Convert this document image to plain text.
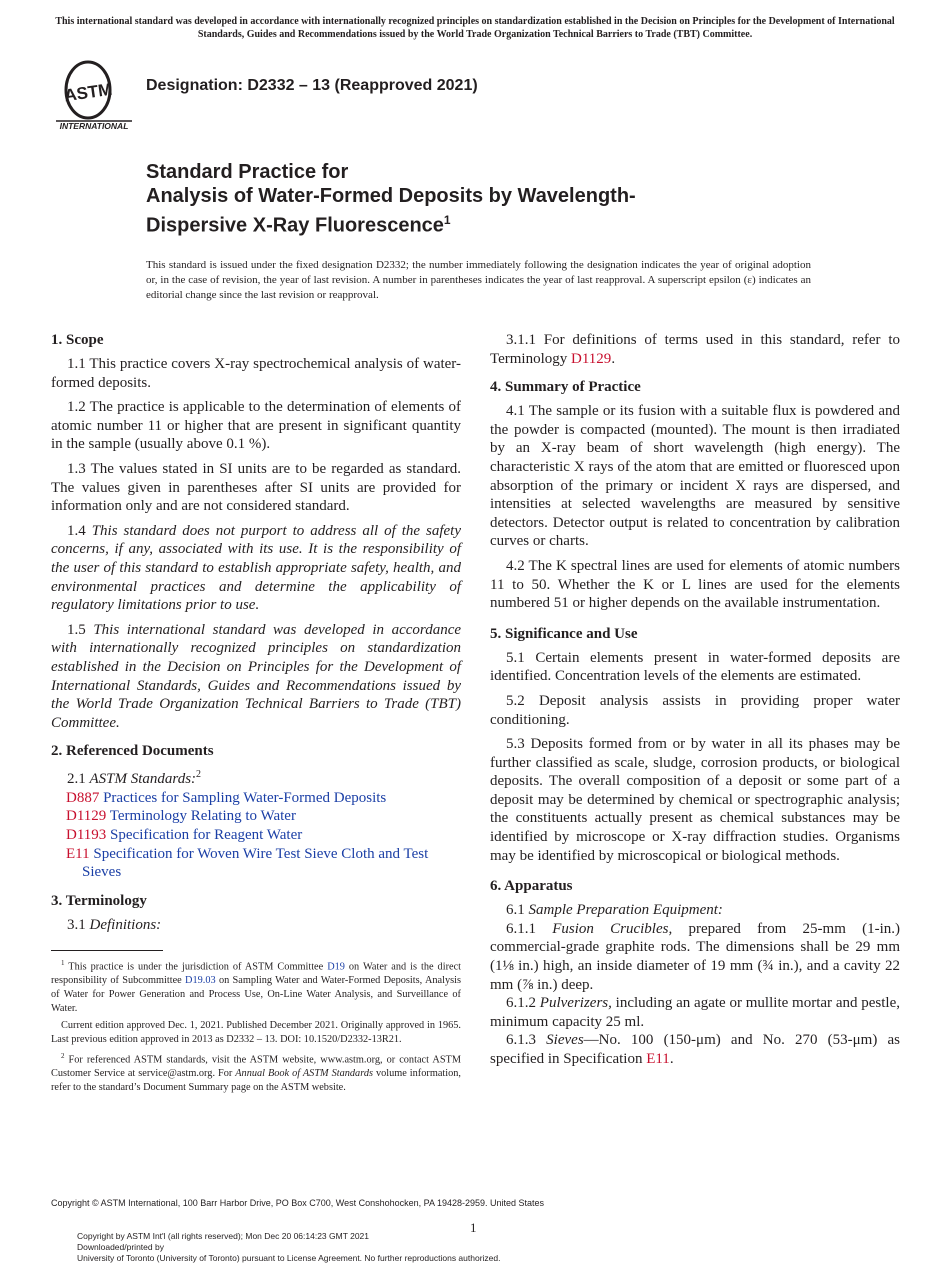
This international standard was developed in accordance with internationally recognized principles on standardization established in the Decision on Principles for the Development of International Standards, Guides and Recommendations issued by the World Trade Organization Technical Barriers to Trade (TBT) Committee.
ASTM
INTERNATIONAL
Designation: D2332 – 13 (Reapproved 2021)
Standard Practice for
Analysis of Water-Formed Deposits by Wavelength-
Dispersive X-Ray Fluorescence$^1$
This standard is issued under the fixed designation D2332; the number immediately following the designation indicates the year of original adoption or, in the case of revision, the year of last revision. A number in parentheses indicates the year of last reapproval. A superscript epsilon (ε) indicates an editorial change since the last revision or reapproval.
1. Scope

1.1 This practice covers X-ray spectrochemical analysis of water-formed deposits.

1.2 The practice is applicable to the determination of elements of atomic number 11 or higher that are present in significant quantity in the sample (usually above 0.1 %).

1.3 The values stated in SI units are to be regarded as standard. The values given in parentheses after SI units are provided for information only and are not considered standard.

1.4 This standard does not purport to address all of the safety concerns, if any, associated with its use. It is the responsibility of the user of this standard to establish appropriate safety, health, and environmental practices and determine the applicability of regulatory limitations prior to use.

1.5 This international standard was developed in accordance with internationally recognized principles on standardization established in the Decision on Principles for the Development of International Standards, Guides and Recommendations issued by the World Trade Organization Technical Barriers to Trade (TBT) Committee.

2. Referenced Documents

2.1 ASTM Standards:$^2$

D887 Practices for Sampling Water-Formed Deposits
D1129 Terminology Relating to Water
D1193 Specification for Reagent Water
E11 Specification for Woven Wire Test Sieve Cloth and Test Sieves
3. Terminology

3.1 Definitions:

$^1$ This practice is under the jurisdiction of ASTM Committee D19 on Water and is the direct responsibility of Subcommittee D19.03 on Sampling Water and Water-Formed Deposits, Analysis of Water for Power Generation and Process Use, On-Line Water Analysis, and Surveillance of Water.

Current edition approved Dec. 1, 2021. Published December 2021. Originally approved in 1965. Last previous edition approved in 2013 as D2332 – 13. DOI: 10.1520/D2332-13R21.

$^2$ For referenced ASTM standards, visit the ASTM website, www.astm.org, or contact ASTM Customer Service at service@astm.org. For Annual Book of ASTM Standards volume information, refer to the standard’s Document Summary page on the ASTM website.

3.1.1 For definitions of terms used in this standard, refer to Terminology D1129.

4. Summary of Practice

4.1 The sample or its fusion with a suitable flux is powdered and the powder is compacted (mounted). The mount is then irradiated by an X-ray beam of short wavelength (high energy). The characteristic X rays of the atom that are emitted or fluoresced upon absorption of the primary or incident X rays are dispersed, and intensities at selected wavelengths are measured by sensitive detectors. Detector output is related to concentration by calibration curves or charts.

4.2 The K spectral lines are used for elements of atomic numbers 11 to 50. Whether the K or L lines are used for the elements numbered 51 or higher depends on the available instrumentation.

5. Significance and Use

5.1 Certain elements present in water-formed deposits are identified. Concentration levels of the elements are estimated.

5.2 Deposit analysis assists in providing proper water conditioning.

5.3 Deposits formed from or by water in all its phases may be further classified as scale, sludge, corrosion products, or biological deposits. The overall composition of a deposit or some part of a deposit may be determined by chemical or spectrographic analysis; the constituents actually present as chemical substances may be identified by microscope or X-ray diffraction studies. Organisms may be identified by microscopical or biological methods.

6. Apparatus

6.1 Sample Preparation Equipment:

6.1.1 Fusion Crucibles, prepared from 25-mm (1-in.) commercial-grade graphite rods. The dimensions shall be 29 mm (1⅛ in.) high, an inside diameter of 19 mm (¾ in.), and a cavity 22 mm (⅞ in.) deep.

6.1.2 Pulverizers, including an agate or mullite mortar and pestle, minimum capacity 25 ml.

6.1.3 Sieves—No. 100 (150-μm) and No. 270 (53-μm) as specified in Specification E11.

Copyright © ASTM International, 100 Barr Harbor Drive, PO Box C700, West Conshohocken, PA 19428-2959. United States
1
Copyright by ASTM Int'l (all rights reserved); Mon Dec 20 06:14:23 GMT 2021
Downloaded/printed by
University of Toronto (University of Toronto) pursuant to License Agreement. No further reproductions authorized.
